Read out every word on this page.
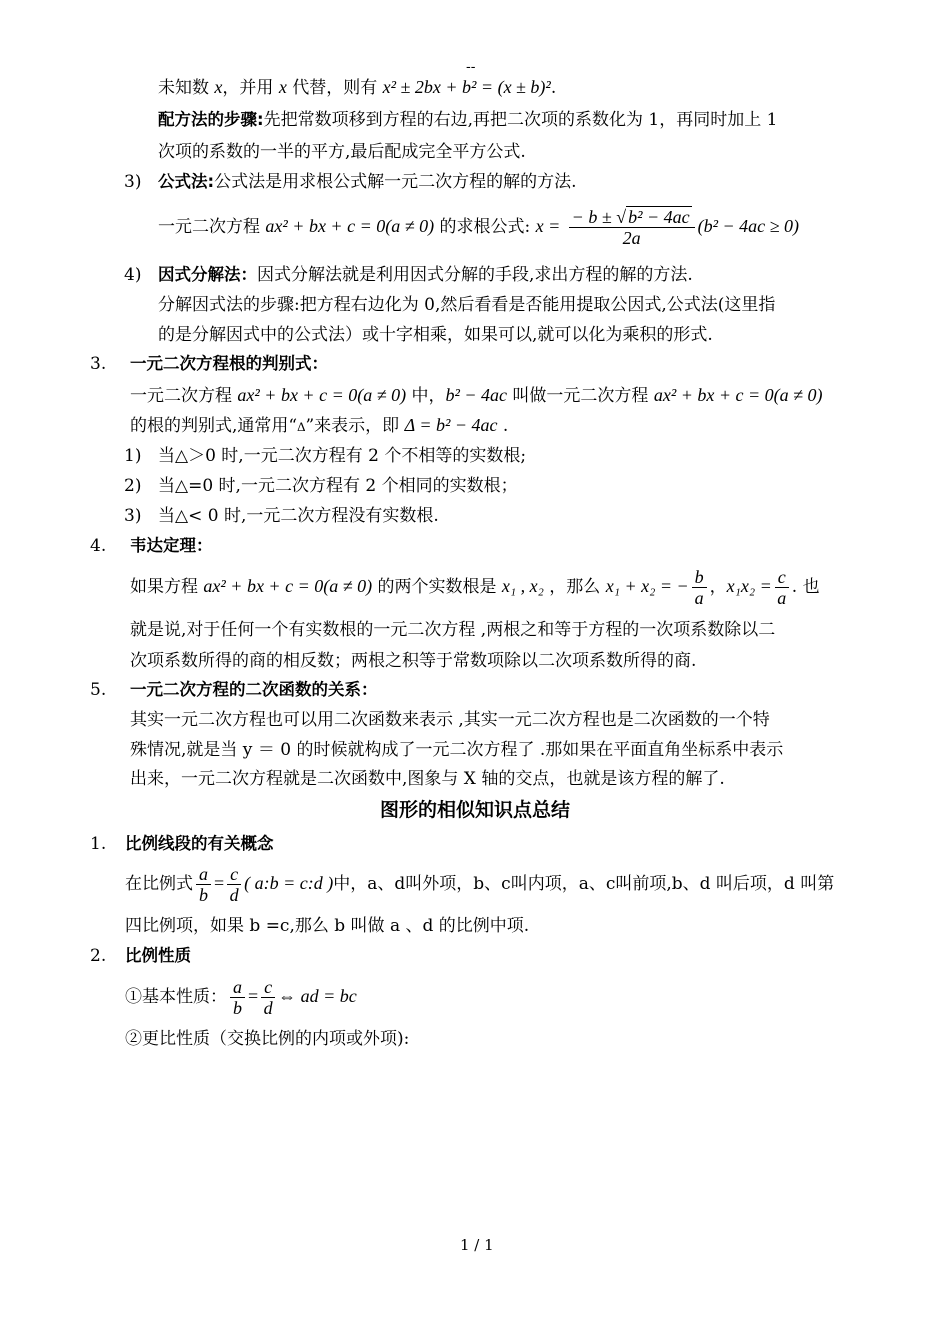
--
未知数 x，并用 x 代替，则有 x² ± 2bx + b² = (x ± b)².
配方法的步骤:先把常数项移到方程的右边,再把二次项的系数化为 1，再同时加上 1
次项的系数的一半的平方,最后配成完全平方公式.
3) 公式法:公式法是用求根公式解一元二次方程的解的方法.
一元二次方程 ax² + bx + c = 0(a ≠ 0) 的求根公式: $x = \frac{\text{− b ± √ b² − 4ac}}{2a} (b^2 - 4ac \ge 0)$
4) 因式分解法：因式分解法就是利用因式分解的手段,求出方程的解的方法.
分解因式法的步骤:把方程右边化为 0,然后看看是否能用提取公因式,公式法(这里指
的是分解因式中的公式法）或十字相乘，如果可以,就可以化为乘积的形式.
3. 一元二次方程根的判别式：
一元二次方程 ax² + bx + c = 0(a ≠ 0) 中，b² − 4ac 叫做一元二次方程 ax² + bx + c = 0(a ≠ 0)
的根的判别式,通常用“Δ”来表示，即 Δ = b² − 4ac .
1) 当△＞0 时,一元二次方程有 2 个不相等的实数根;
2) 当△=0 时,一元二次方程有 2 个相同的实数根；
3) 当△< 0 时,一元二次方程没有实数根.
4. 韦达定理：
如果方程 ax² + bx + c = 0(a ≠ 0) 的两个实数根是 x₁ , x₂ ，那么 x₁ + x₂ = − $\frac{b}{a}$ ，$x_1x_2 = \frac{c}{a}$ . 也
就是说,对于任何一个有实数根的一元二次方程 ,两根之和等于方程的一次项系数除以二
次项系数所得的商的相反数；两根之积等于常数项除以二次项系数所得的商.
5. 一元二次方程的二次函数的关系：
其实一元二次方程也可以用二次函数来表示 ,其实一元二次方程也是二次函数的一个特
殊情况,就是当 y ＝ 0 的时候就构成了一元二次方程了 .那如果在平面直角坐标系中表示
出来，一元二次方程就是二次函数中,图象与 X 轴的交点，也就是该方程的解了.
图形的相似知识点总结
1. 比例线段的有关概念
在比例式 $\frac{a}{b} = \frac{c}{d}$ ( a:b = c:d )中，a、d叫外项，b、c叫内项，a、c叫前项,b、d 叫后项，d 叫第
四比例项，如果 b =c,那么 b 叫做 a 、d 的比例中项.
2. 比例性质
①基本性质： $\frac{a}{b} = \frac{c}{d}$ ⇔ ad = bc
②更比性质（交换比例的内项或外项):
1 / 1
